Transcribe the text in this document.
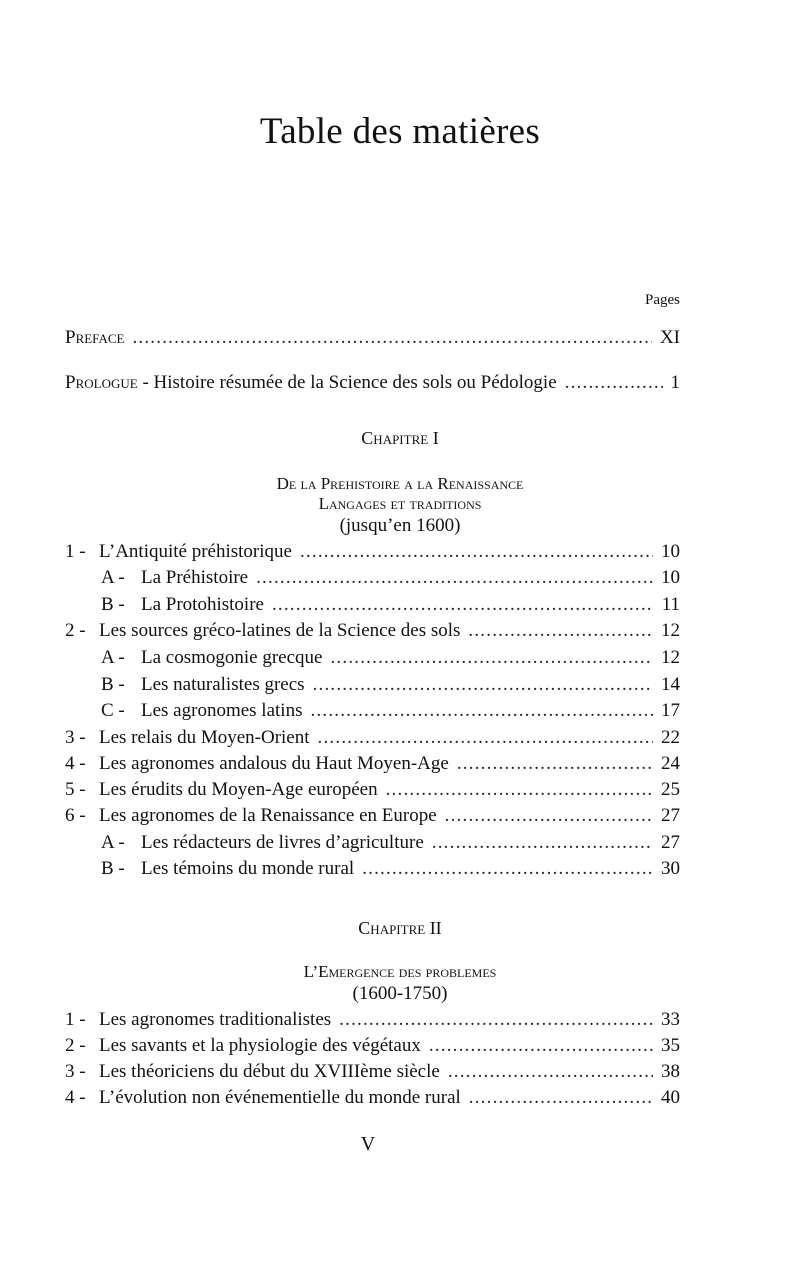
Table des matières
Pages
Preface .....	XI
Prologue - Histoire résumée de la Science des sols ou Pédologie .....	1
Chapitre I
De la Prehistoire a la Renaissance
Langages et traditions
(jusqu’en 1600)
1 - L’Antiquité préhistorique .....	10
A - La Préhistoire .....	10
B - La Protohistoire .....	11
2 - Les sources gréco-latines de la Science des sols .....	12
A - La cosmogonie grecque .....	12
B - Les naturalistes grecs .....	14
C - Les agronomes latins .....	17
3 - Les relais du Moyen-Orient .....	22
4 - Les agronomes andalous du Haut Moyen-Age .....	24
5 - Les érudits du Moyen-Age européen .....	25
6 - Les agronomes de la Renaissance en Europe .....	27
A - Les rédacteurs de livres d’agriculture .....	27
B - Les témoins du monde rural .....	30
Chapitre II
L’Emergence des problemes
(1600-1750)
1 - Les agronomes traditionalistes .....	33
2 - Les savants et la physiologie des végétaux .....	35
3 - Les théoriciens du début du XVIIIème siècle .....	38
4 - L’évolution non événementielle du monde rural .....	40
V
